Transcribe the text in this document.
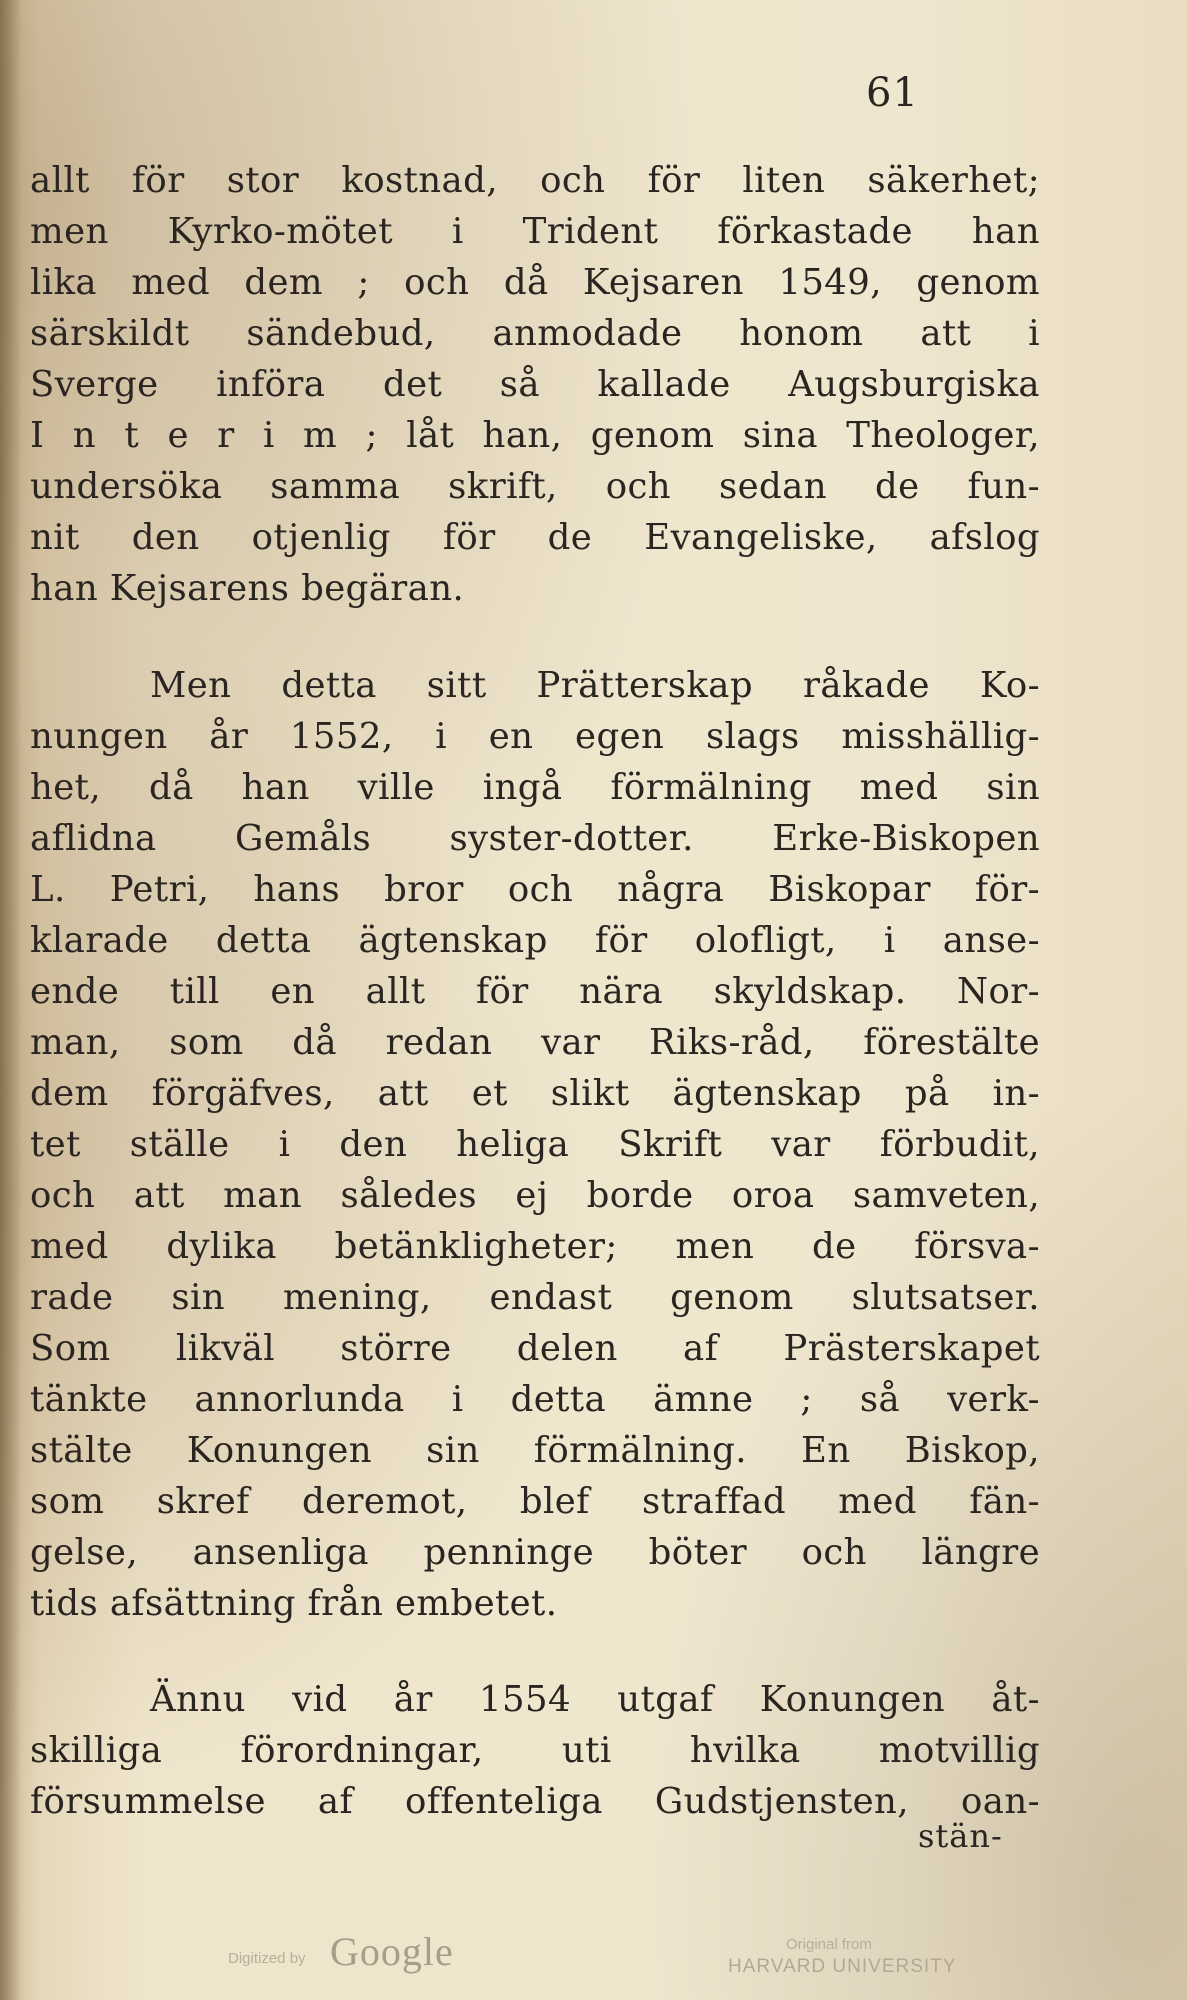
61
allt för stor kostnad, och för liten säkerhet;
men Kyrko-mötet i Trident förkastade han
lika med dem ; och då Kejsaren 1549, genom
särskildt sändebud, anmodade honom att i
Sverge införa det så kallade Augsburgiska
I n t e r i m ; låt han, genom sina Theologer,
undersöka samma skrift, och sedan de fun-
nit den otjenlig för de Evangeliske, afslog
han Kejsarens begäran.
Men detta sitt Prätterskap råkade Ko-
nungen år 1552, i en egen slags misshällig-
het, då han ville ingå förmälning med sin
aflidna Gemåls syster-dotter. Erke-Biskopen
L. Petri, hans bror och några Biskopar för-
klarade detta ägtenskap för olofligt, i anse-
ende till en allt för nära skyldskap. Nor-
man, som då redan var Riks-råd, förestälte
dem förgäfves, att et slikt ägtenskap på in-
tet ställe i den heliga Skrift var förbudit,
och att man således ej borde oroa samveten,
med dylika betänkligheter; men de försva-
rade sin mening, endast genom slutsatser.
Som likväl större delen af Prästerskapet
tänkte annorlunda i detta ämne ; så verk-
stälte Konungen sin förmälning. En Biskop,
som skref deremot, blef straffad med fän-
gelse, ansenliga penninge böter och längre
tids afsättning från embetet.
Ännu vid år 1554 utgaf Konungen åt-
skilliga förordningar, uti hvilka motvillig
försummelse af offenteliga Gudstjensten, oan-
stän-
Digitized by Google	Original from
HARVARD UNIVERSITY
